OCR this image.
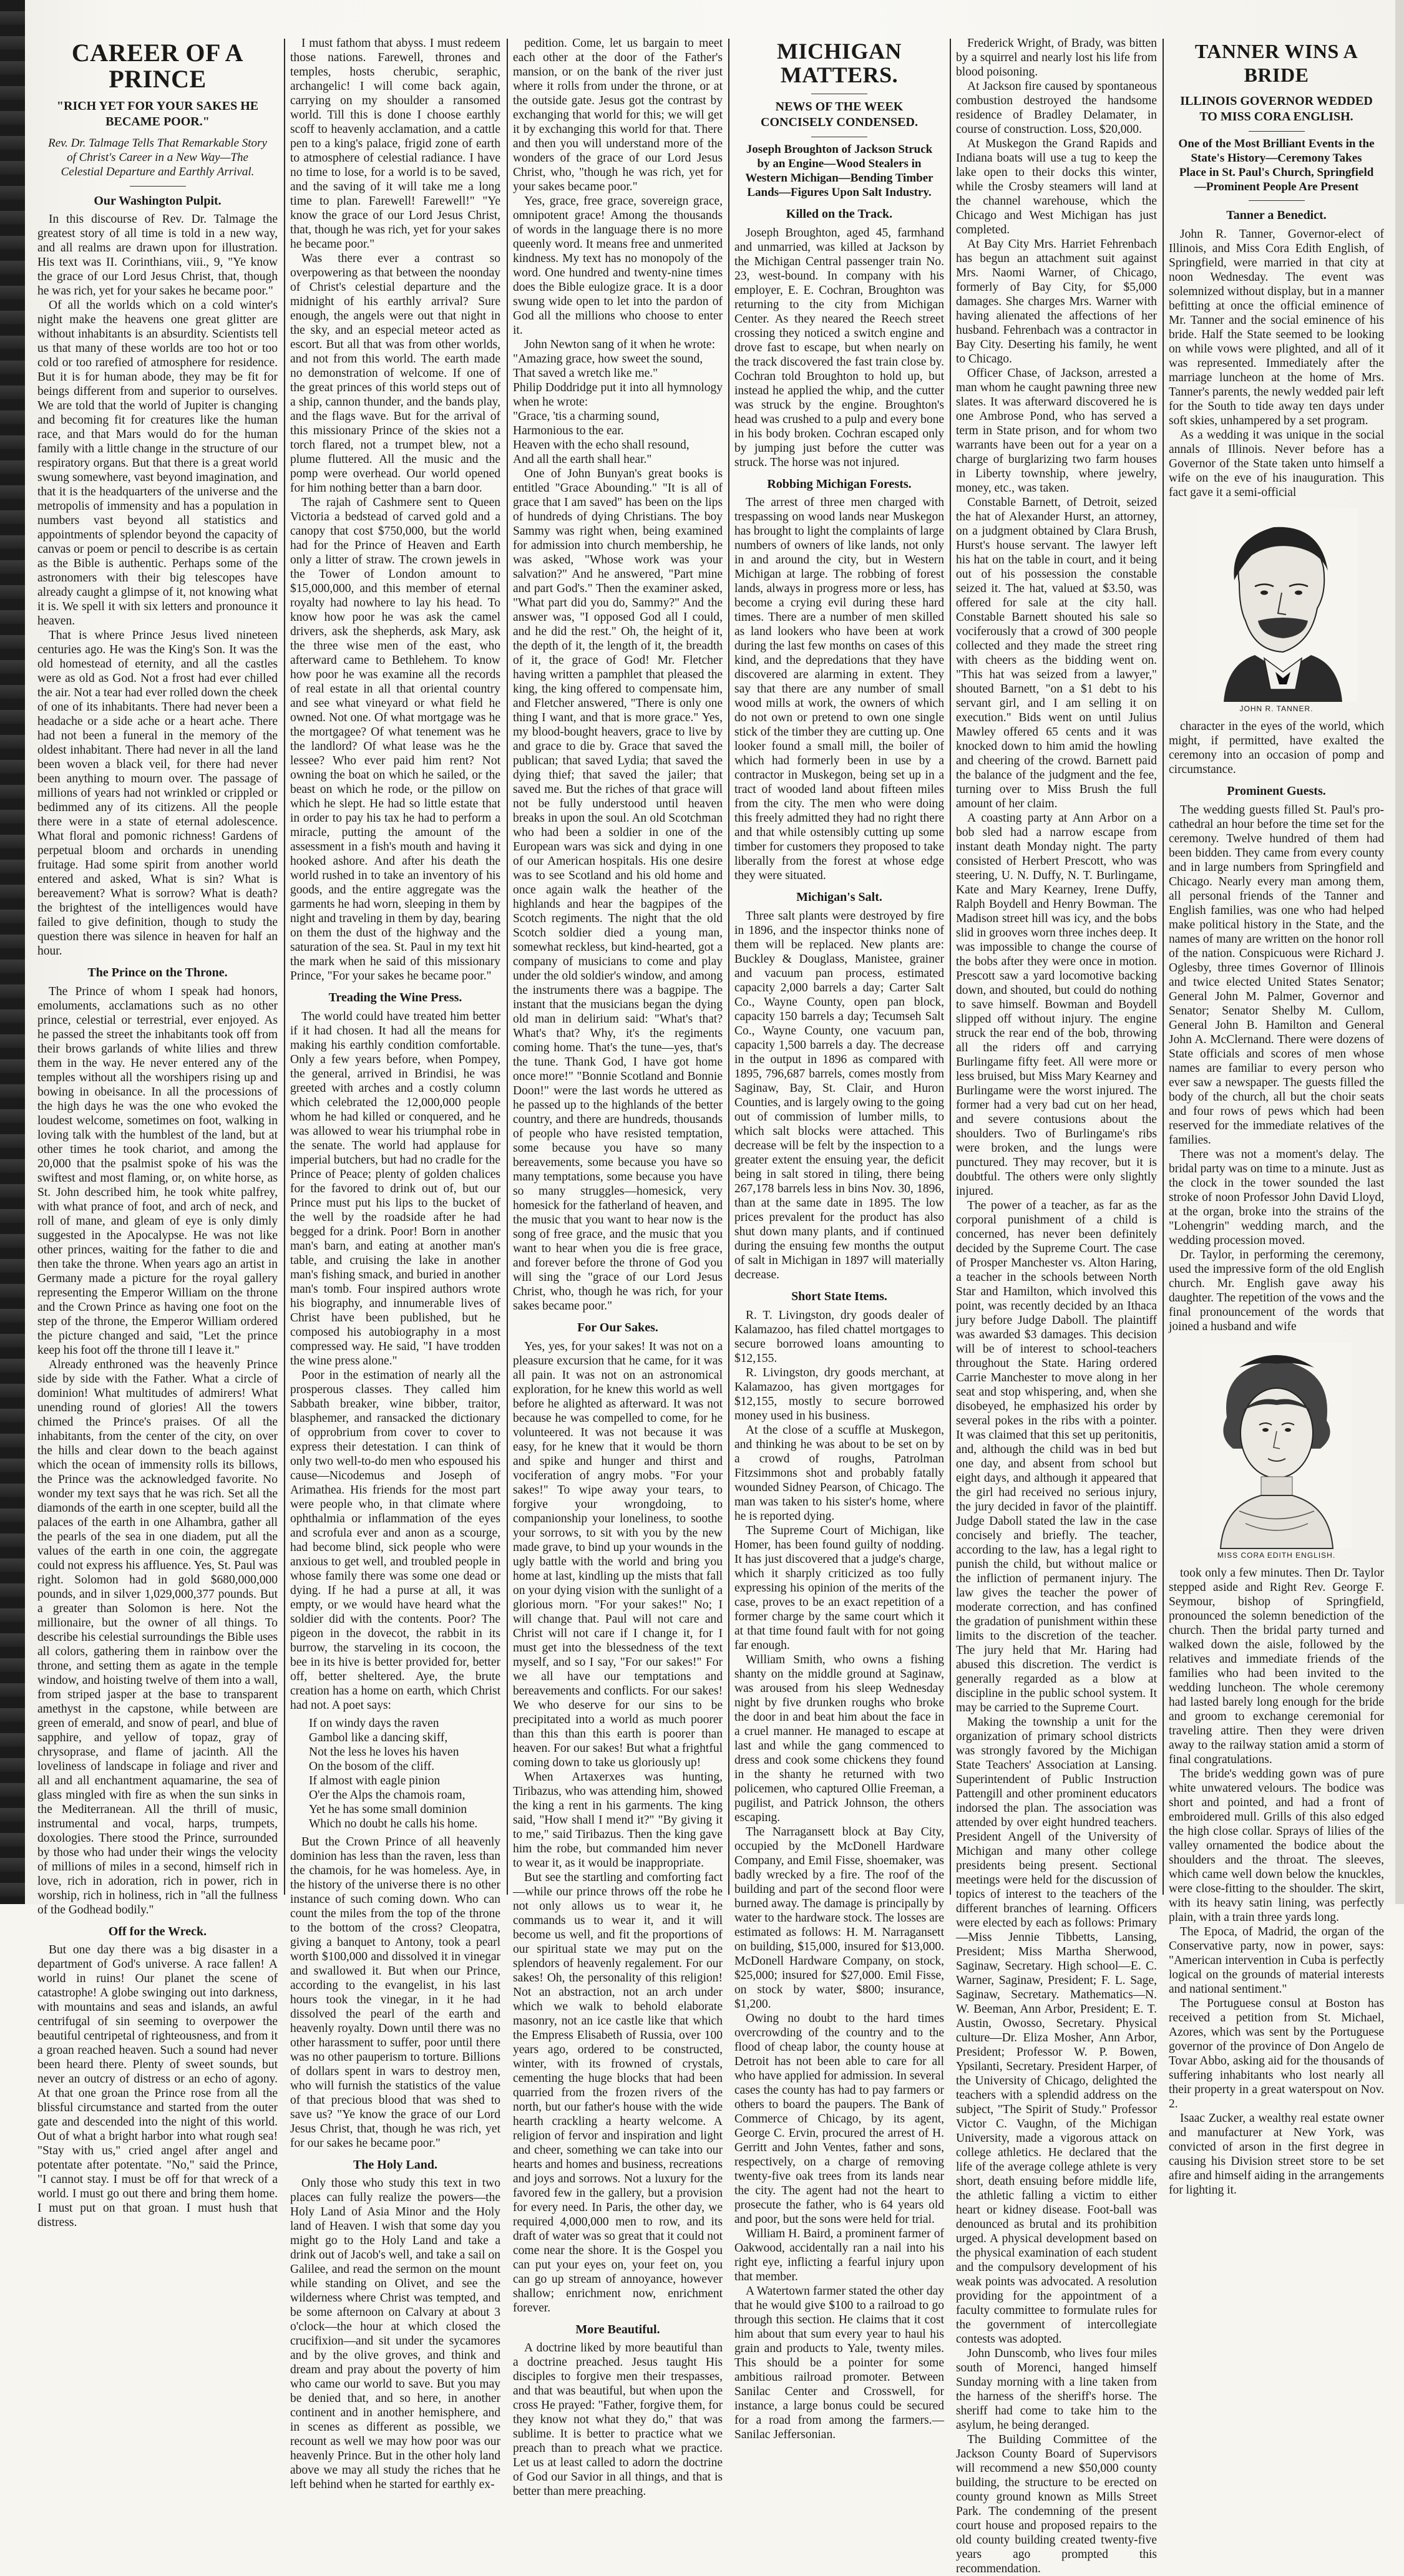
CAREER OF A PRINCE
"RICH YET FOR YOUR SAKES HE BECAME POOR."
Rev. Dr. Talmage Tells That Remarkable Story of Christ's Career in a New Way—The Celestial Departure and Earthly Arrival.
Our Washington Pulpit.

In this discourse of Rev. Dr. Talmage the greatest story of all time is told in a new way, and all realms are drawn upon for illustration. His text was II. Corinthians, viii., 9, "Ye know the grace of our Lord Jesus Christ, that, though he was rich, yet for your sakes he became poor."

Of all the worlds which on a cold winter's night make the heavens one great glitter are without inhabitants is an absurdity. Scientists tell us that many of these worlds are too hot or too cold or too rarefied of atmosphere for residence. But it is for human abode, they may be fit for beings different from and superior to ourselves. We are told that the world of Jupiter is changing and becoming fit for creatures like the human race, and that Mars would do for the human family with a little change in the structure of our respiratory organs. But that there is a great world swung somewhere, vast beyond imagination, and that it is the headquarters of the universe and the metropolis of immensity and has a population in numbers vast beyond all statistics and appointments of splendor beyond the capacity of canvas or poem or pencil to describe is as certain as the Bible is authentic. Perhaps some of the astronomers with their big telescopes have already caught a glimpse of it, not knowing what it is. We spell it with six letters and pronounce it heaven.

That is where Prince Jesus lived nineteen centuries ago. He was the King's Son. It was the old homestead of eternity, and all the castles were as old as God. Not a frost had ever chilled the air. Not a tear had ever rolled down the cheek of one of its inhabitants. There had never been a headache or a side ache or a heart ache. There had not been a funeral in the memory of the oldest inhabitant. There had never in all the land been woven a black veil, for there had never been anything to mourn over. The passage of millions of years had not wrinkled or crippled or bedimmed any of its citizens. All the people there were in a state of eternal adolescence. What floral and pomonic richness! Gardens of perpetual bloom and orchards in unending fruitage. Had some spirit from another world entered and asked, What is sin? What is bereavement? What is sorrow? What is death? the brightest of the intelligences would have failed to give definition, though to study the question there was silence in heaven for half an hour.

The Prince on the Throne.

The Prince of whom I speak had honors, emoluments, acclamations such as no other prince, celestial or terrestrial, ever enjoyed. As he passed the street the inhabitants took off from their brows garlands of white lilies and threw them in the way. He never entered any of the temples without all the worshipers rising up and bowing in obeisance. In all the processions of the high days he was the one who evoked the loudest welcome, sometimes on foot, walking in loving talk with the humblest of the land, but at other times he took chariot, and among the 20,000 that the psalmist spoke of his was the swiftest and most flaming, or, on white horse, as St. John described him, he took white palfrey, with what prance of foot, and arch of neck, and roll of mane, and gleam of eye is only dimly suggested in the Apocalypse. He was not like other princes, waiting for the father to die and then take the throne. When years ago an artist in Germany made a picture for the royal gallery representing the Emperor William on the throne and the Crown Prince as having one foot on the step of the throne, the Emperor William ordered the picture changed and said, "Let the prince keep his foot off the throne till I leave it."

Already enthroned was the heavenly Prince side by side with the Father. What a circle of dominion! What multitudes of admirers! What unending round of glories! All the towers chimed the Prince's praises. Of all the inhabitants, from the center of the city, on over the hills and clear down to the beach against which the ocean of immensity rolls its billows, the Prince was the acknowledged favorite. No wonder my text says that he was rich. Set all the diamonds of the earth in one scepter, build all the palaces of the earth in one Alhambra, gather all the pearls of the sea in one diadem, put all the values of the earth in one coin, the aggregate could not express his affluence. Yes, St. Paul was right. Solomon had in gold $680,000,000 pounds, and in silver 1,029,000,377 pounds. But a greater than Solomon is here. Not the millionaire, but the owner of all things. To describe his celestial surroundings the Bible uses all colors, gathering them in rainbow over the throne, and setting them as agate in the temple window, and hoisting twelve of them into a wall, from striped jasper at the base to transparent amethyst in the capstone, while between are green of emerald, and snow of pearl, and blue of sapphire, and yellow of topaz, gray of chrysoprase, and flame of jacinth. All the loveliness of landscape in foliage and river and all and all enchantment aquamarine, the sea of glass mingled with fire as when the sun sinks in the Mediterranean. All the thrill of music, instrumental and vocal, harps, trumpets, doxologies. There stood the Prince, surrounded by those who had under their wings the velocity of millions of miles in a second, himself rich in love, rich in adoration, rich in power, rich in worship, rich in holiness, rich in "all the fullness of the Godhead bodily."

Off for the Wreck.

But one day there was a big disaster in a department of God's universe. A race fallen! A world in ruins! Our planet the scene of catastrophe! A globe swinging out into darkness, with mountains and seas and islands, an awful centrifugal of sin seeming to overpower the beautiful centripetal of righteousness, and from it a groan reached heaven. Such a sound had never been heard there. Plenty of sweet sounds, but never an outcry of distress or an echo of agony. At that one groan the Prince rose from all the blissful circumstance and started from the outer gate and descended into the night of this world. Out of what a bright harbor into what rough sea! "Stay with us," cried angel after angel and potentate after potentate. "No," said the Prince, "I cannot stay. I must be off for that wreck of a world. I must go out there and bring them home. I must put on that groan. I must hush that distress.

I must fathom that abyss. I must redeem those nations. Farewell, thrones and temples, hosts cherubic, seraphic, archangelic! I will come back again, carrying on my shoulder a ransomed world. Till this is done I choose earthly scoff to heavenly acclamation, and a cattle pen to a king's palace, frigid zone of earth to atmosphere of celestial radiance. I have no time to lose, for a world is to be saved, and the saving of it will take me a long time to plan. Farewell! Farewell!" "Ye know the grace of our Lord Jesus Christ, that, though he was rich, yet for your sakes he became poor."

Was there ever a contrast so overpowering as that between the noonday of Christ's celestial departure and the midnight of his earthly arrival? Sure enough, the angels were out that night in the sky, and an especial meteor acted as escort. But all that was from other worlds, and not from this world. The earth made no demonstration of welcome. If one of the great princes of this world steps out of a ship, cannon thunder, and the bands play, and the flags wave. But for the arrival of this missionary Prince of the skies not a torch flared, not a trumpet blew, not a plume fluttered. All the music and the pomp were overhead. Our world opened for him nothing better than a barn door.

The rajah of Cashmere sent to Queen Victoria a bedstead of carved gold and a canopy that cost $750,000, but the world had for the Prince of Heaven and Earth only a litter of straw. The crown jewels in the Tower of London amount to $15,000,000, and this member of eternal royalty had nowhere to lay his head. To know how poor he was ask the camel drivers, ask the shepherds, ask Mary, ask the three wise men of the east, who afterward came to Bethlehem. To know how poor he was examine all the records of real estate in all that oriental country and see what vineyard or what field he owned. Not one. Of what mortgage was he the mortgagee? Of what tenement was he the landlord? Of what lease was he the lessee? Who ever paid him rent? Not owning the boat on which he sailed, or the beast on which he rode, or the pillow on which he slept. He had so little estate that in order to pay his tax he had to perform a miracle, putting the amount of the assessment in a fish's mouth and having it hooked ashore. And after his death the world rushed in to take an inventory of his goods, and the entire aggregate was the garments he had worn, sleeping in them by night and traveling in them by day, bearing on them the dust of the highway and the saturation of the sea. St. Paul in my text hit the mark when he said of this missionary Prince, "For your sakes he became poor."

Treading the Wine Press.

The world could have treated him better if it had chosen. It had all the means for making his earthly condition comfortable. Only a few years before, when Pompey, the general, arrived in Brindisi, he was greeted with arches and a costly column which celebrated the 12,000,000 people whom he had killed or conquered, and he was allowed to wear his triumphal robe in the senate. The world had applause for imperial butchers, but had no cradle for the Prince of Peace; plenty of golden chalices for the favored to drink out of, but our Prince must put his lips to the bucket of the well by the roadside after he had begged for a drink. Poor! Born in another man's barn, and eating at another man's table, and cruising the lake in another man's fishing smack, and buried in another man's tomb. Four inspired authors wrote his biography, and innumerable lives of Christ have been published, but he composed his autobiography in a most compressed way. He said, "I have trodden the wine press alone."

Poor in the estimation of nearly all the prosperous classes. They called him Sabbath breaker, wine bibber, traitor, blasphemer, and ransacked the dictionary of opprobrium from cover to cover to express their detestation. I can think of only two well-to-do men who espoused his cause—Nicodemus and Joseph of Arimathea. His friends for the most part were people who, in that climate where ophthalmia or inflammation of the eyes and scrofula ever and anon as a scourge, had become blind, sick people who were anxious to get well, and troubled people in whose family there was some one dead or dying. If he had a purse at all, it was empty, or we would have heard what the soldier did with the contents. Poor? The pigeon in the dovecot, the rabbit in its burrow, the starveling in its cocoon, the bee in its hive is better provided for, better off, better sheltered. Aye, the brute creation has a home on earth, which Christ had not. A poet says:

If on windy days the raven
Gambol like a dancing skiff,
Not the less he loves his haven
On the bosom of the cliff.
If almost with eagle pinion
O'er the Alps the chamois roam,
Yet he has some small dominion
Which no doubt he calls his home.

But the Crown Prince of all heavenly dominion has less than the raven, less than the chamois, for he was homeless. Aye, in the history of the universe there is no other instance of such coming down. Who can count the miles from the top of the throne to the bottom of the cross? Cleopatra, giving a banquet to Antony, took a pearl worth $100,000 and dissolved it in vinegar and swallowed it. But when our Prince, according to the evangelist, in his last hours took the vinegar, in it he had dissolved the pearl of the earth and heavenly royalty. Down until there was no other harassment to suffer, poor until there was no other pauperism to torture. Billions of dollars spent in wars to destroy men, who will furnish the statistics of the value of that precious blood that was shed to save us? "Ye know the grace of our Lord Jesus Christ, that, though he was rich, yet for our sakes he became poor."

The Holy Land.

Only those who study this text in two places can fully realize the powers—the Holy Land of Asia Minor and the Holy land of Heaven. I wish that some day you might go to the Holy Land and take a drink out of Jacob's well, and take a sail on Galilee, and read the sermon on the mount while standing on Olivet, and see the wilderness where Christ was tempted, and be some afternoon on Calvary at about 3 o'clock—the hour at which closed the crucifixion—and sit under the sycamores and by the olive groves, and think and dream and pray about the poverty of him who came our world to save. But you may be denied that, and so here, in another continent and in another hemisphere, and in scenes as different as possible, we recount as well we may how poor was our heavenly Prince. But in the other holy land above we may all study the riches that he left behind when he started for earthly ex-

pedition. Come, let us bargain to meet each other at the door of the Father's mansion, or on the bank of the river just where it rolls from under the throne, or at the outside gate. Jesus got the contrast by exchanging that world for this; we will get it by exchanging this world for that. There and then you will understand more of the wonders of the grace of our Lord Jesus Christ, who, "though he was rich, yet for your sakes became poor."

Yes, grace, free grace, sovereign grace, omnipotent grace! Among the thousands of words in the language there is no more queenly word. It means free and unmerited kindness. My text has no monopoly of the word. One hundred and twenty-nine times does the Bible eulogize grace. It is a door swung wide open to let into the pardon of God all the millions who choose to enter it.

John Newton sang of it when he wrote:
"Amazing grace, how sweet the sound,
That saved a wretch like me."
Philip Doddridge put it into all hymnology when he wrote:
"Grace, 'tis a charming sound,
Harmonious to the ear.
Heaven with the echo shall resound,
And all the earth shall hear."

One of John Bunyan's great books is entitled "Grace Abounding." "It is all of grace that I am saved" has been on the lips of hundreds of dying Christians. The boy Sammy was right when, being examined for admission into church membership, he was asked, "Whose work was your salvation?" And he answered, "Part mine and part God's." Then the examiner asked, "What part did you do, Sammy?" And the answer was, "I opposed God all I could, and he did the rest." Oh, the height of it, the depth of it, the length of it, the breadth of it, the grace of God! Mr. Fletcher having written a pamphlet that pleased the king, the king offered to compensate him, and Fletcher answered, "There is only one thing I want, and that is more grace." Yes, my blood-bought heavers, grace to live by and grace to die by. Grace that saved the publican; that saved Lydia; that saved the dying thief; that saved the jailer; that saved me. But the riches of that grace will not be fully understood until heaven breaks in upon the soul. An old Scotchman who had been a soldier in one of the European wars was sick and dying in one of our American hospitals. His one desire was to see Scotland and his old home and once again walk the heather of the highlands and hear the bagpipes of the Scotch regiments. The night that the old Scotch soldier died a young man, somewhat reckless, but kind-hearted, got a company of musicians to come and play under the old soldier's window, and among the instruments there was a bagpipe. The instant that the musicians began the dying old man in delirium said: "What's that? What's that? Why, it's the regiments coming home. That's the tune—yes, that's the tune. Thank God, I have got home once more!" "Bonnie Scotland and Bonnie Doon!" were the last words he uttered as he passed up to the highlands of the better country, and there are hundreds, thousands of people who have resisted temptation, some because you have so many bereavements, some because you have so many temptations, some because you have so many struggles—homesick, very homesick for the fatherland of heaven, and the music that you want to hear now is the song of free grace, and the music that you want to hear when you die is free grace, and forever before the throne of God you will sing the "grace of our Lord Jesus Christ, who, though he was rich, for your sakes became poor."

For Our Sakes.

Yes, yes, for your sakes! It was not on a pleasure excursion that he came, for it was all pain. It was not on an astronomical exploration, for he knew this world as well before he alighted as afterward. It was not because he was compelled to come, for he volunteered. It was not because it was easy, for he knew that it would be thorn and spike and hunger and thirst and vociferation of angry mobs. "For your sakes!" To wipe away your tears, to forgive your wrongdoing, to companionship your loneliness, to soothe your sorrows, to sit with you by the new made grave, to bind up your wounds in the ugly battle with the world and bring you home at last, kindling up the mists that fall on your dying vision with the sunlight of a glorious morn. "For your sakes!" No; I will change that. Paul will not care and Christ will not care if I change it, for I must get into the blessedness of the text myself, and so I say, "For our sakes!" For we all have our temptations and bereavements and conflicts. For our sakes! We who deserve for our sins to be precipitated into a world as much poorer than this than this earth is poorer than heaven. For our sakes! But what a frightful coming down to take us gloriously up!

When Artaxerxes was hunting, Tiribazus, who was attending him, showed the king a rent in his garments. The king said, "How shall I mend it?" "By giving it to me," said Tiribazus. Then the king gave him the robe, but commanded him never to wear it, as it would be inappropriate.

But see the startling and comforting fact—while our prince throws off the robe he not only allows us to wear it, he commands us to wear it, and it will become us well, and fit the proportions of our spiritual state we may put on the splendors of heavenly regalement. For our sakes! Oh, the personality of this religion! Not an abstraction, not an arch under which we walk to behold elaborate masonry, not an ice castle like that which the Empress Elisabeth of Russia, over 100 years ago, ordered to be constructed, winter, with its frowned of crystals, cementing the huge blocks that had been quarried from the frozen rivers of the north, but our father's house with the wide hearth crackling a hearty welcome. A religion of fervor and inspiration and light and cheer, something we can take into our hearts and homes and business, recreations and joys and sorrows. Not a luxury for the favored few in the gallery, but a provision for every need. In Paris, the other day, we required 4,000,000 men to row, and its draft of water was so great that it could not come near the shore. It is the Gospel you can put your eyes on, your feet on, you can go up stream of annoyance, however shallow; enrichment now, enrichment forever.

More Beautiful.

A doctrine liked by more beautiful than a doctrine preached. Jesus taught His disciples to forgive men their trespasses, and that was beautiful, but when upon the cross He prayed: "Father, forgive them, for they know not what they do," that was sublime. It is better to practice what we preach than to preach what we practice. Let us at least called to adorn the doctrine of God our Savior in all things, and that is better than mere preaching.

MICHIGAN MATTERS.
NEWS OF THE WEEK CONCISELY CONDENSED.
Joseph Broughton of Jackson Struck by an Engine—Wood Stealers in Western Michigan—Bending Timber Lands—Figures Upon Salt Industry.
Killed on the Track.

Joseph Broughton, aged 45, farmhand and unmarried, was killed at Jackson by the Michigan Central passenger train No. 23, west-bound. In company with his employer, E. E. Cochran, Broughton was returning to the city from Michigan Center. As they neared the Reech street crossing they noticed a switch engine and drove fast to escape, but when nearly on the track discovered the fast train close by. Cochran told Broughton to hold up, but instead he applied the whip, and the cutter was struck by the engine. Broughton's head was crushed to a pulp and every bone in his body broken. Cochran escaped only by jumping just before the cutter was struck. The horse was not injured.

Robbing Michigan Forests.

The arrest of three men charged with trespassing on wood lands near Muskegon has brought to light the complaints of large numbers of owners of like lands, not only in and around the city, but in Western Michigan at large. The robbing of forest lands, always in progress more or less, has become a crying evil during these hard times. There are a number of men skilled as land lookers who have been at work during the last few months on cases of this kind, and the depredations that they have discovered are alarming in extent. They say that there are any number of small wood mills at work, the owners of which do not own or pretend to own one single stick of the timber they are cutting up. One looker found a small mill, the boiler of which had formerly been in use by a contractor in Muskegon, being set up in a tract of wooded land about fifteen miles from the city. The men who were doing this freely admitted they had no right there and that while ostensibly cutting up some timber for customers they proposed to take liberally from the forest at whose edge they were situated.

Michigan's Salt.

Three salt plants were destroyed by fire in 1896, and the inspector thinks none of them will be replaced. New plants are: Buckley & Douglass, Manistee, grainer and vacuum pan process, estimated capacity 2,000 barrels a day; Carter Salt Co., Wayne County, open pan block, capacity 150 barrels a day; Tecumseh Salt Co., Wayne County, one vacuum pan, capacity 1,500 barrels a day. The decrease in the output in 1896 as compared with 1895, 796,687 barrels, comes mostly from Saginaw, Bay, St. Clair, and Huron Counties, and is largely owing to the going out of commission of lumber mills, to which salt blocks were attached. This decrease will be felt by the inspection to a greater extent the ensuing year, the deficit being in salt stored in tiling, there being 267,178 barrels less in bins Nov. 30, 1896, than at the same date in 1895. The low prices prevalent for the product has also shut down many plants, and if continued during the ensuing few months the output of salt in Michigan in 1897 will materially decrease.

Short State Items.

R. T. Livingston, dry goods dealer of Kalamazoo, has filed chattel mortgages to secure borrowed loans amounting to $12,155.

R. Livingston, dry goods merchant, at Kalamazoo, has given mortgages for $12,155, mostly to secure borrowed money used in his business.

At the close of a scuffle at Muskegon, and thinking he was about to be set on by a crowd of roughs, Patrolman Fitzsimmons shot and probably fatally wounded Sidney Pearson, of Chicago. The man was taken to his sister's home, where he is reported dying.

The Supreme Court of Michigan, like Homer, has been found guilty of nodding. It has just discovered that a judge's charge, which it sharply criticized as too fully expressing his opinion of the merits of the case, proves to be an exact repetition of a former charge by the same court which it at that time found fault with for not going far enough.

William Smith, who owns a fishing shanty on the middle ground at Saginaw, was aroused from his sleep Wednesday night by five drunken roughs who broke the door in and beat him about the face in a cruel manner. He managed to escape at last and while the gang commenced to dress and cook some chickens they found in the shanty he returned with two policemen, who captured Ollie Freeman, a pugilist, and Patrick Johnson, the others escaping.

The Narragansett block at Bay City, occupied by the McDonell Hardware Company, and Emil Fisse, shoemaker, was badly wrecked by a fire. The roof of the building and part of the second floor were burned away. The damage is principally by water to the hardware stock. The losses are estimated as follows: H. M. Narragansett on building, $15,000, insured for $13,000. McDonell Hardware Company, on stock, $25,000; insured for $27,000. Emil Fisse, on stock by water, $800; insurance, $1,200.

Owing no doubt to the hard times overcrowding of the country and to the flood of cheap labor, the county house at Detroit has not been able to care for all who have applied for admission. In several cases the county has had to pay farmers or others to board the paupers. The Bank of Commerce of Chicago, by its agent, George C. Ervin, procured the arrest of H. Gerritt and John Ventes, father and sons, respectively, on a charge of removing twenty-five oak trees from its lands near the city. The agent had not the heart to prosecute the father, who is 64 years old and poor, but the sons were held for trial.

William H. Baird, a prominent farmer of Oakwood, accidentally ran a nail into his right eye, inflicting a fearful injury upon that member.

A Watertown farmer stated the other day that he would give $100 to a railroad to go through this section. He claims that it cost him about that sum every year to haul his grain and products to Yale, twenty miles. This should be a pointer for some ambitious railroad promoter. Between Sanilac Center and Crosswell, for instance, a large bonus could be secured for a road from among the farmers.—Sanilac Jeffersonian.

Frederick Wright, of Brady, was bitten by a squirrel and nearly lost his life from blood poisoning.

At Jackson fire caused by spontaneous combustion destroyed the handsome residence of Bradley Delamater, in course of construction. Loss, $20,000.

At Muskegon the Grand Rapids and Indiana boats will use a tug to keep the lake open to their docks this winter, while the Crosby steamers will land at the channel warehouse, which the Chicago and West Michigan has just completed.

At Bay City Mrs. Harriet Fehrenbach has begun an attachment suit against Mrs. Naomi Warner, of Chicago, formerly of Bay City, for $5,000 damages. She charges Mrs. Warner with having alienated the affections of her husband. Fehrenbach was a contractor in Bay City. Deserting his family, he went to Chicago.

Officer Chase, of Jackson, arrested a man whom he caught pawning three new slates. It was afterward discovered he is one Ambrose Pond, who has served a term in State prison, and for whom two warrants have been out for a year on a charge of burglarizing two farm houses in Liberty township, where jewelry, money, etc., was taken.

Constable Barnett, of Detroit, seized the hat of Alexander Hurst, an attorney, on a judgment obtained by Clara Brush, Hurst's house servant. The lawyer left his hat on the table in court, and it being out of his possession the constable seized it. The hat, valued at $3.50, was offered for sale at the city hall. Constable Barnett shouted his sale so vociferously that a crowd of 300 people collected and they made the street ring with cheers as the bidding went on. "This hat was seized from a lawyer," shouted Barnett, "on a $1 debt to his servant girl, and I am selling it on execution." Bids went on until Julius Mawley offered 65 cents and it was knocked down to him amid the howling and cheering of the crowd. Barnett paid the balance of the judgment and the fee, turning over to Miss Brush the full amount of her claim.

A coasting party at Ann Arbor on a bob sled had a narrow escape from instant death Monday night. The party consisted of Herbert Prescott, who was steering, U. N. Duffy, N. T. Burlingame, Kate and Mary Kearney, Irene Duffy, Ralph Boydell and Henry Bowman. The Madison street hill was icy, and the bobs slid in grooves worn three inches deep. It was impossible to change the course of the bobs after they were once in motion. Prescott saw a yard locomotive backing down, and shouted, but could do nothing to save himself. Bowman and Boydell slipped off without injury. The engine struck the rear end of the bob, throwing all the riders off and carrying Burlingame fifty feet. All were more or less bruised, but Miss Mary Kearney and Burlingame were the worst injured. The former had a very bad cut on her head, and severe contusions about the shoulders. Two of Burlingame's ribs were broken, and the lungs were punctured. They may recover, but it is doubtful. The others were only slightly injured.

The power of a teacher, as far as the corporal punishment of a child is concerned, has never been definitely decided by the Supreme Court. The case of Prosper Manchester vs. Alton Haring, a teacher in the schools between North Star and Hamilton, which involved this point, was recently decided by an Ithaca jury before Judge Daboll. The plaintiff was awarded $3 damages. This decision will be of interest to school-teachers throughout the State. Haring ordered Carrie Manchester to move along in her seat and stop whispering, and, when she disobeyed, he emphasized his order by several pokes in the ribs with a pointer. It was claimed that this set up peritonitis, and, although the child was in bed but one day, and absent from school but eight days, and although it appeared that the girl had received no serious injury, the jury decided in favor of the plaintiff. Judge Daboll stated the law in the case concisely and briefly. The teacher, according to the law, has a legal right to punish the child, but without malice or the infliction of permanent injury. The law gives the teacher the power of moderate correction, and has confined the gradation of punishment within these limits to the discretion of the teacher. The jury held that Mr. Haring had abused this discretion. The verdict is generally regarded as a blow at discipline in the public school system. It may be carried to the Supreme Court.

Making the township a unit for the organization of primary school districts was strongly favored by the Michigan State Teachers' Association at Lansing. Superintendent of Public Instruction Pattengill and other prominent educators indorsed the plan. The association was attended by over eight hundred teachers. President Angell of the University of Michigan and many other college presidents being present. Sectional meetings were held for the discussion of topics of interest to the teachers of the different branches of learning. Officers were elected by each as follows: Primary—Miss Jennie Tibbetts, Lansing, President; Miss Martha Sherwood, Saginaw, Secretary. High school—E. C. Warner, Saginaw, President; F. L. Sage, Saginaw, Secretary. Mathematics—N. W. Beeman, Ann Arbor, President; E. T. Austin, Owosso, Secretary. Physical culture—Dr. Eliza Mosher, Ann Arbor, President; Professor W. P. Bowen, Ypsilanti, Secretary. President Harper, of the University of Chicago, delighted the teachers with a splendid address on the subject, "The Spirit of Study." Professor Victor C. Vaughn, of the Michigan University, made a vigorous attack on college athletics. He declared that the life of the average college athlete is very short, death ensuing before middle life, the athletic falling a victim to either heart or kidney disease. Foot-ball was denounced as brutal and its prohibition urged. A physical development based on the physical examination of each student and the compulsory development of his weak points was advocated. A resolution providing for the appointment of a faculty committee to formulate rules for the government of intercollegiate contests was adopted.

John Dunscomb, who lives four miles south of Morenci, hanged himself Sunday morning with a line taken from the harness of the sheriff's horse. The sheriff had come to take him to the asylum, he being deranged.

The Building Committee of the Jackson County Board of Supervisors will recommend a new $50,000 county building, the structure to be erected on county ground known as Mills Street Park. The condemning of the present court house and proposed repairs to the old county building created twenty-five years ago prompted this recommendation.

TANNER WINS A BRIDE
ILLINOIS GOVERNOR WEDDED TO MISS CORA ENGLISH.
One of the Most Brilliant Events in the State's History—Ceremony Takes Place in St. Paul's Church, Springfield—Prominent People Are Present
Tanner a Benedict.

John R. Tanner, Governor-elect of Illinois, and Miss Cora Edith English, of Springfield, were married in that city at noon Wednesday. The event was solemnized without display, but in a manner befitting at once the official eminence of Mr. Tanner and the social eminence of his bride. Half the State seemed to be looking on while vows were plighted, and all of it was represented. Immediately after the marriage luncheon at the home of Mrs. Tanner's parents, the newly wedded pair left for the South to tide away ten days under soft skies, unhampered by a set program.

As a wedding it was unique in the social annals of Illinois. Never before has a Governor of the State taken unto himself a wife on the eve of his inauguration. This fact gave it a semi-official

JOHN R. TANNER.

character in the eyes of the world, which might, if permitted, have exalted the ceremony into an occasion of pomp and circumstance.

Prominent Guests.

The wedding guests filled St. Paul's pro-cathedral an hour before the time set for the ceremony. Twelve hundred of them had been bidden. They came from every county and in large numbers from Springfield and Chicago. Nearly every man among them, all personal friends of the Tanner and English families, was one who had helped make political history in the State, and the names of many are written on the honor roll of the nation. Conspicuous were Richard J. Oglesby, three times Governor of Illinois and twice elected United States Senator; General John M. Palmer, Governor and Senator; Senator Shelby M. Cullom, General John B. Hamilton and General John A. McClernand. There were dozens of State officials and scores of men whose names are familiar to every person who ever saw a newspaper. The guests filled the body of the church, all but the choir seats and four rows of pews which had been reserved for the immediate relatives of the families.

There was not a moment's delay. The bridal party was on time to a minute. Just as the clock in the tower sounded the last stroke of noon Professor John David Lloyd, at the organ, broke into the strains of the "Lohengrin" wedding march, and the wedding procession moved.

Dr. Taylor, in performing the ceremony, used the impressive form of the old English church. Mr. English gave away his daughter. The repetition of the vows and the final pronouncement of the words that joined a husband and wife

MISS CORA EDITH ENGLISH.

took only a few minutes. Then Dr. Taylor stepped aside and Right Rev. George F. Seymour, bishop of Springfield, pronounced the solemn benediction of the church. Then the bridal party turned and walked down the aisle, followed by the relatives and immediate friends of the families who had been invited to the wedding luncheon. The whole ceremony had lasted barely long enough for the bride and groom to exchange ceremonial for traveling attire. Then they were driven away to the railway station amid a storm of final congratulations.

The bride's wedding gown was of pure white unwatered velours. The bodice was short and pointed, and had a front of embroidered mull. Grills of this also edged the high close collar. Sprays of lilies of the valley ornamented the bodice about the shoulders and the throat. The sleeves, which came well down below the knuckles, were close-fitting to the shoulder. The skirt, with its heavy satin lining, was perfectly plain, with a train three yards long.

The Epoca, of Madrid, the organ of the Conservative party, now in power, says: "American intervention in Cuba is perfectly logical on the grounds of material interests and national sentiment."

The Portuguese consul at Boston has received a petition from St. Michael, Azores, which was sent by the Portuguese governor of the province of Don Angelo de Tovar Abbo, asking aid for the thousands of suffering inhabitants who lost nearly all their property in a great waterspout on Nov. 2.

Isaac Zucker, a wealthy real estate owner and manufacturer at New York, was convicted of arson in the first degree in causing his Division street store to be set afire and himself aiding in the arrangements for lighting it.
